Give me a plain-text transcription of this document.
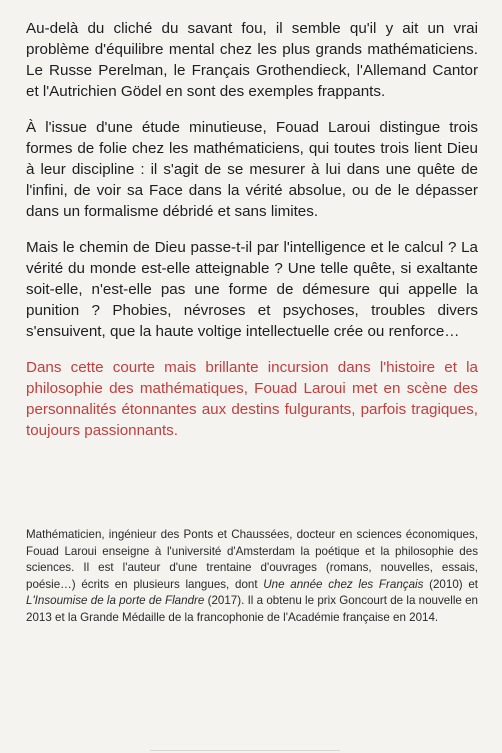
Au-delà du cliché du savant fou, il semble qu'il y ait un vrai problème d'équilibre mental chez les plus grands mathématiciens. Le Russe Perelman, le Français Grothendieck, l'Allemand Cantor et l'Autrichien Gödel en sont des exemples frappants.

À l'issue d'une étude minutieuse, Fouad Laroui distingue trois formes de folie chez les mathématiciens, qui toutes trois lient Dieu à leur discipline : il s'agit de se mesurer à lui dans une quête de l'infini, de voir sa Face dans la vérité absolue, ou de le dépasser dans un formalisme débridé et sans limites.

Mais le chemin de Dieu passe-t-il par l'intelligence et le calcul ? La vérité du monde est-elle atteignable ? Une telle quête, si exaltante soit-elle, n'est-elle pas une forme de démesure qui appelle la punition ? Phobies, névroses et psychoses, troubles divers s'ensuivent, que la haute voltige intellectuelle crée ou renforce…

Dans cette courte mais brillante incursion dans l'histoire et la philosophie des mathématiques, Fouad Laroui met en scène des personnalités étonnantes aux destins fulgurants, parfois tragiques, toujours passionnants.

Mathématicien, ingénieur des Ponts et Chaussées, docteur en sciences économiques, Fouad Laroui enseigne à l'université d'Amsterdam la poétique et la philosophie des sciences. Il est l'auteur d'une trentaine d'ouvrages (romans, nouvelles, essais, poésie…) écrits en plusieurs langues, dont Une année chez les Français (2010) et L'Insoumise de la porte de Flandre (2017). Il a obtenu le prix Goncourt de la nouvelle en 2013 et la Grande Médaille de la francophonie de l'Académie française en 2014.
